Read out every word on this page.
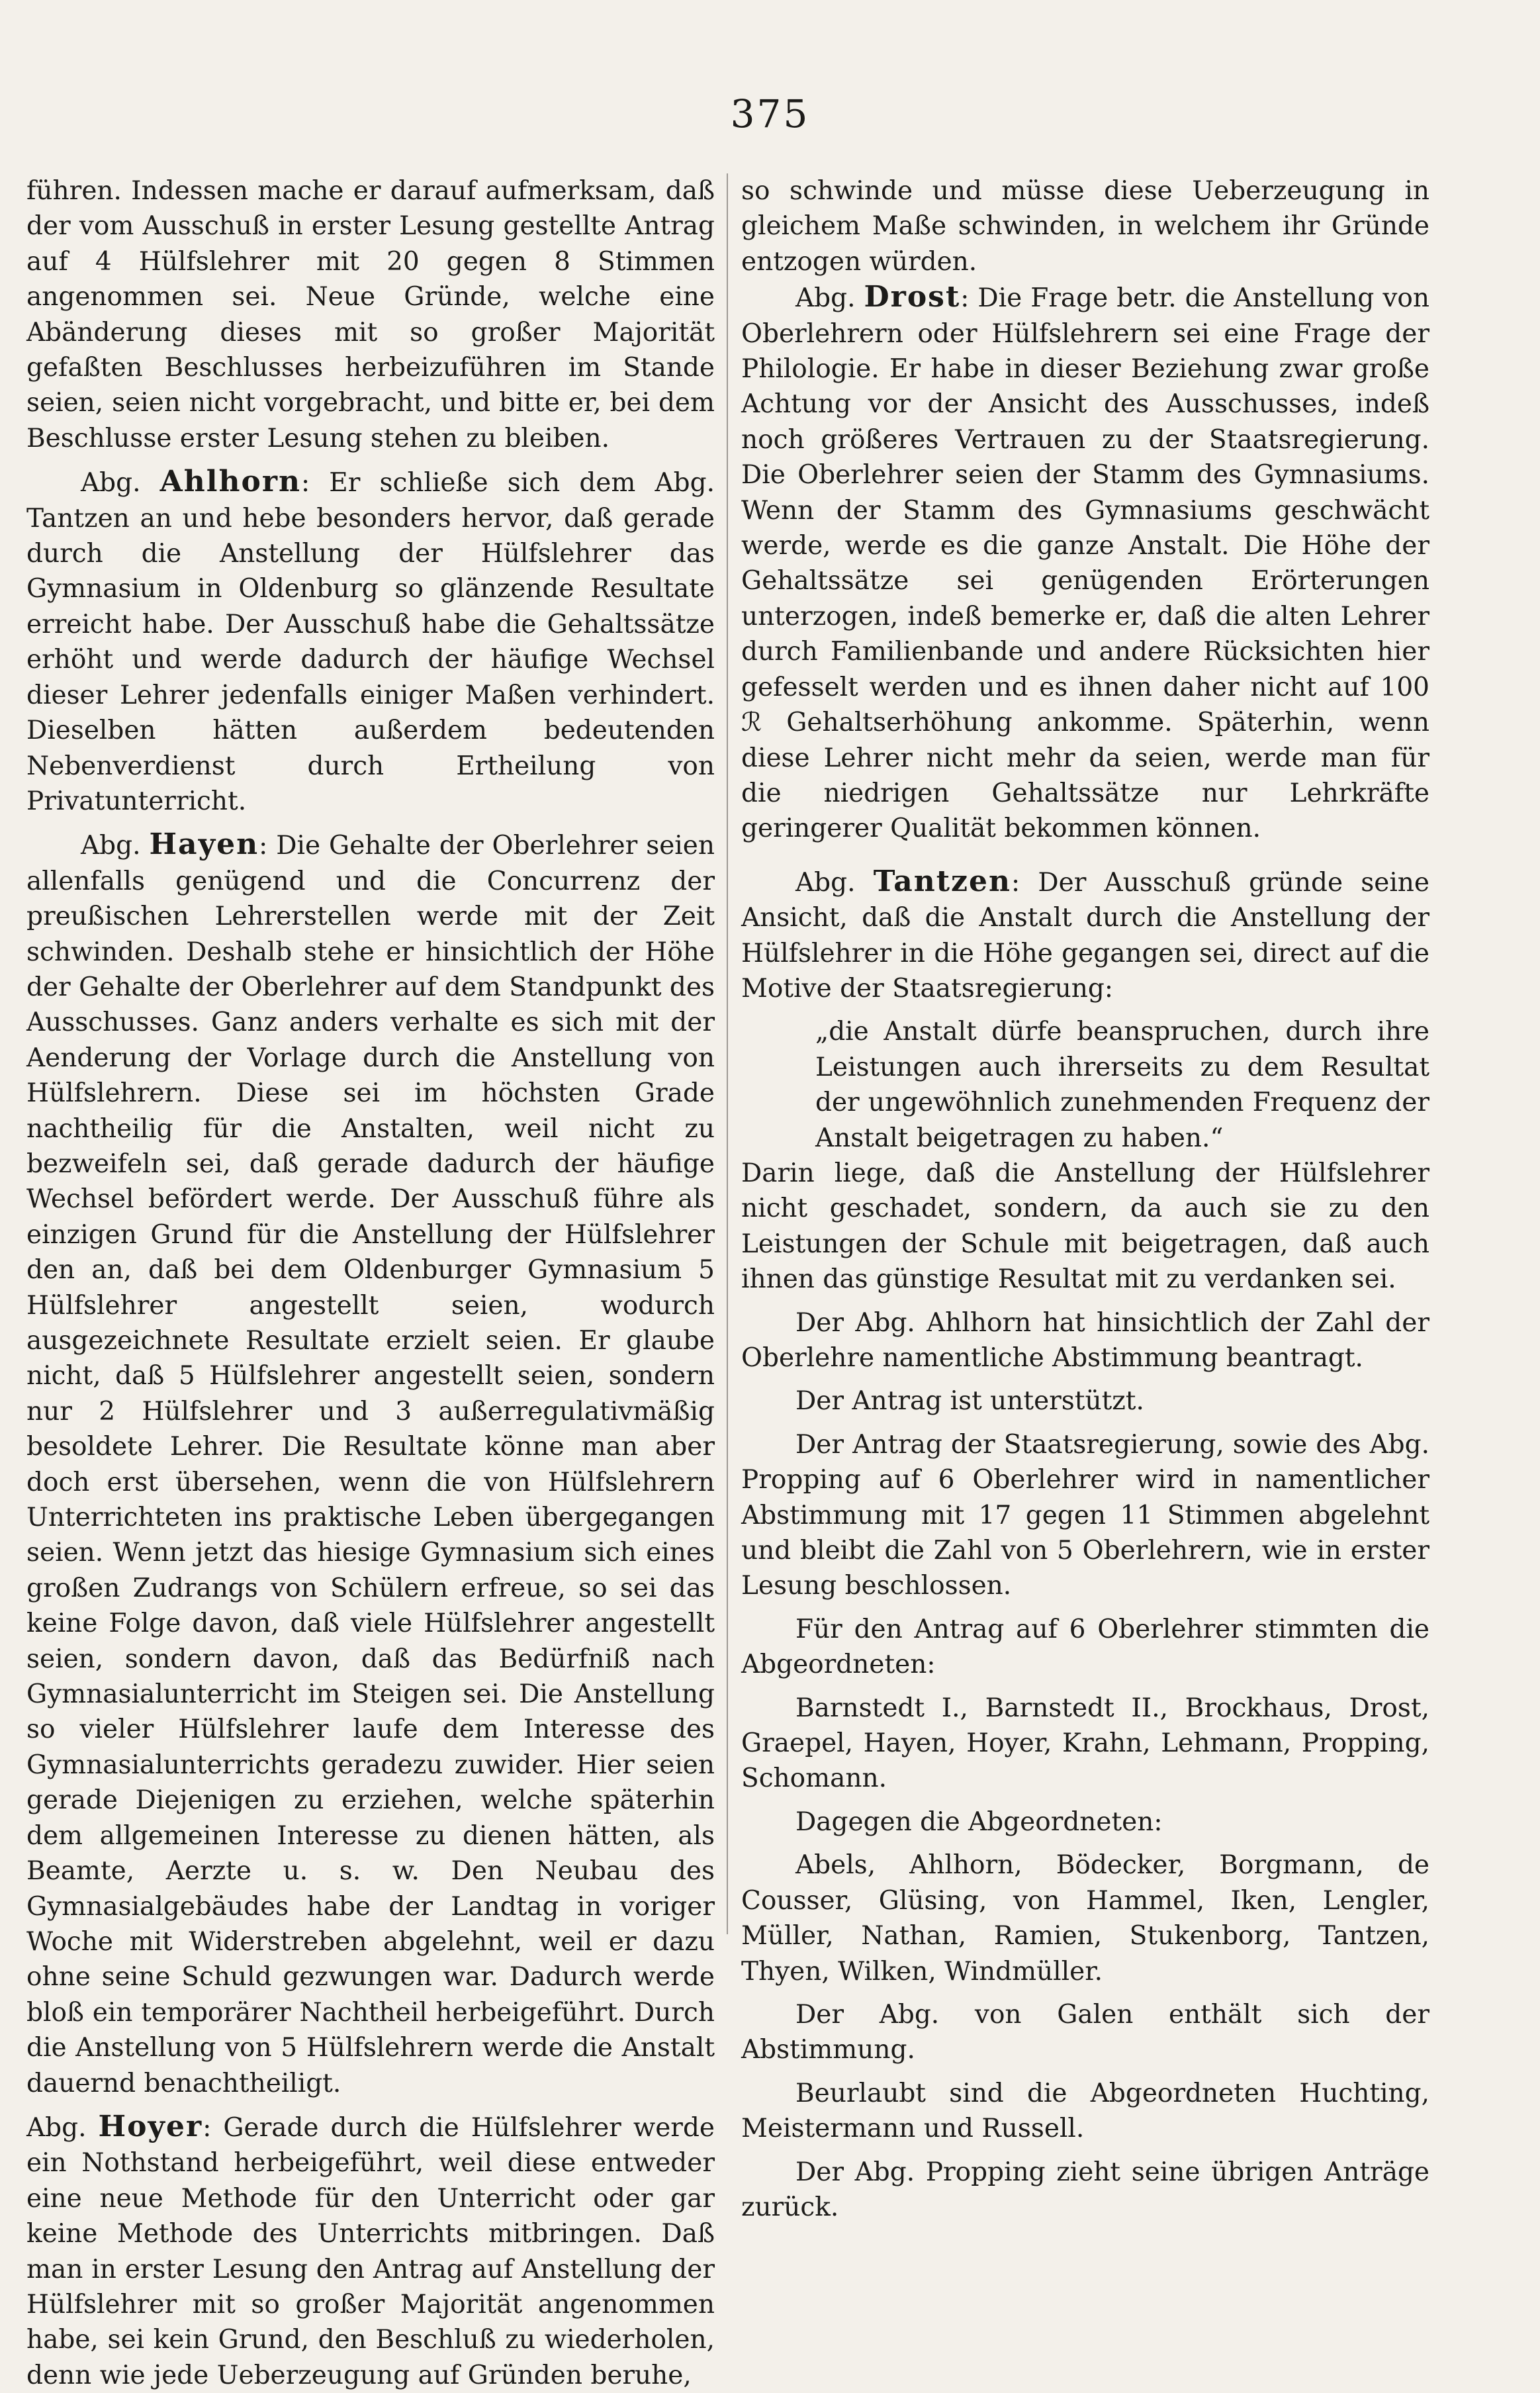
375

führen. Indessen mache er darauf aufmerksam, daß der vom Ausschuß in erster Lesung gestellte Antrag auf 4 Hülfslehrer mit 20 gegen 8 Stimmen angenommen sei. Neue Gründe, welche eine Abänderung dieses mit so großer Majorität gefaßten Beschlusses herbeizuführen im Stande seien, seien nicht vorgebracht, und bitte er, bei dem Beschlusse erster Lesung stehen zu bleiben.

Abg. Ahlhorn: Er schließe sich dem Abg. Tantzen an und hebe besonders hervor, daß gerade durch die Anstellung der Hülfslehrer das Gymnasium in Oldenburg so glänzende Resultate erreicht habe. Der Ausschuß habe die Gehaltssätze erhöht und werde dadurch der häufige Wechsel dieser Lehrer jedenfalls einiger Maßen verhindert. Dieselben hätten außerdem bedeutenden Nebenverdienst durch Ertheilung von Privatunterricht.

Abg. Hayen: Die Gehalte der Oberlehrer seien allenfalls genügend und die Concurrenz der preußischen Lehrerstellen werde mit der Zeit schwinden. Deshalb stehe er hinsichtlich der Höhe der Gehalte der Oberlehrer auf dem Standpunkt des Ausschusses. Ganz anders verhalte es sich mit der Aenderung der Vorlage durch die Anstellung von Hülfslehrern. Diese sei im höchsten Grade nachtheilig für die Anstalten, weil nicht zu bezweifeln sei, daß gerade dadurch der häufige Wechsel befördert werde. Der Ausschuß führe als einzigen Grund für die Anstellung der Hülfslehrer den an, daß bei dem Oldenburger Gymnasium 5 Hülfslehrer angestellt seien, wodurch ausgezeichnete Resultate erzielt seien. Er glaube nicht, daß 5 Hülfslehrer angestellt seien, sondern nur 2 Hülfslehrer und 3 außerregulativmäßig besoldete Lehrer. Die Resultate könne man aber doch erst übersehen, wenn die von Hülfslehrern Unterrichteten ins praktische Leben übergegangen seien. Wenn jetzt das hiesige Gymnasium sich eines großen Zudrangs von Schülern erfreue, so sei das keine Folge davon, daß viele Hülfslehrer angestellt seien, sondern davon, daß das Bedürfniß nach Gymnasialunterricht im Steigen sei. Die Anstellung so vieler Hülfslehrer laufe dem Interesse des Gymnasialunterrichts geradezu zuwider. Hier seien gerade Diejenigen zu erziehen, welche späterhin dem allgemeinen Interesse zu dienen hätten, als Beamte, Aerzte u. s. w. Den Neubau des Gymnasialgebäudes habe der Landtag in voriger Woche mit Widerstreben abgelehnt, weil er dazu ohne seine Schuld gezwungen war. Dadurch werde bloß ein temporärer Nachtheil herbeigeführt. Durch die Anstellung von 5 Hülfslehrern werde die Anstalt dauernd benachtheiligt.

Abg. Hoyer: Gerade durch die Hülfslehrer werde ein Nothstand herbeigeführt, weil diese entweder eine neue Methode für den Unterricht oder gar keine Methode des Unterrichts mitbringen. Daß man in erster Lesung den Antrag auf Anstellung der Hülfslehrer mit so großer Majorität angenommen habe, sei kein Grund, den Beschluß zu wiederholen, denn wie jede Ueberzeugung auf Gründen beruhe,

so schwinde und müsse diese Ueberzeugung in gleichem Maße schwinden, in welchem ihr Gründe entzogen würden.

Abg. Drost: Die Frage betr. die Anstellung von Oberlehrern oder Hülfslehrern sei eine Frage der Philologie. Er habe in dieser Beziehung zwar große Achtung vor der Ansicht des Ausschusses, indeß noch größeres Vertrauen zu der Staatsregierung. Die Oberlehrer seien der Stamm des Gymnasiums. Wenn der Stamm des Gymnasiums geschwächt werde, werde es die ganze Anstalt. Die Höhe der Gehaltssätze sei genügenden Erörterungen unterzogen, indeß bemerke er, daß die alten Lehrer durch Familienbande und andere Rücksichten hier gefesselt werden und es ihnen daher nicht auf 100 ℛ Gehaltserhöhung ankomme. Späterhin, wenn diese Lehrer nicht mehr da seien, werde man für die niedrigen Gehaltssätze nur Lehrkräfte geringerer Qualität bekommen können.

Abg. Tantzen: Der Ausschuß gründe seine Ansicht, daß die Anstalt durch die Anstellung der Hülfslehrer in die Höhe gegangen sei, direct auf die Motive der Staatsregierung:

„die Anstalt dürfe beanspruchen, durch ihre Leistungen auch ihrerseits zu dem Resultat der ungewöhnlich zunehmenden Frequenz der Anstalt beigetragen zu haben.“

Darin liege, daß die Anstellung der Hülfslehrer nicht geschadet, sondern, da auch sie zu den Leistungen der Schule mit beigetragen, daß auch ihnen das günstige Resultat mit zu verdanken sei.

Der Abg. Ahlhorn hat hinsichtlich der Zahl der Oberlehre namentliche Abstimmung beantragt.

Der Antrag ist unterstützt.

Der Antrag der Staatsregierung, sowie des Abg. Propping auf 6 Oberlehrer wird in namentlicher Abstimmung mit 17 gegen 11 Stimmen abgelehnt und bleibt die Zahl von 5 Oberlehrern, wie in erster Lesung beschlossen.

Für den Antrag auf 6 Oberlehrer stimmten die Abgeordneten:

Barnstedt I., Barnstedt II., Brockhaus, Drost, Graepel, Hayen, Hoyer, Krahn, Lehmann, Propping, Schomann.

Dagegen die Abgeordneten:

Abels, Ahlhorn, Bödecker, Borgmann, de Cousser, Glüsing, von Hammel, Iken, Lengler, Müller, Nathan, Ramien, Stukenborg, Tantzen, Thyen, Wilken, Windmüller.

Der Abg. von Galen enthält sich der Abstimmung.

Beurlaubt sind die Abgeordneten Huchting, Meistermann und Russell.

Der Abg. Propping zieht seine übrigen Anträge zurück.
